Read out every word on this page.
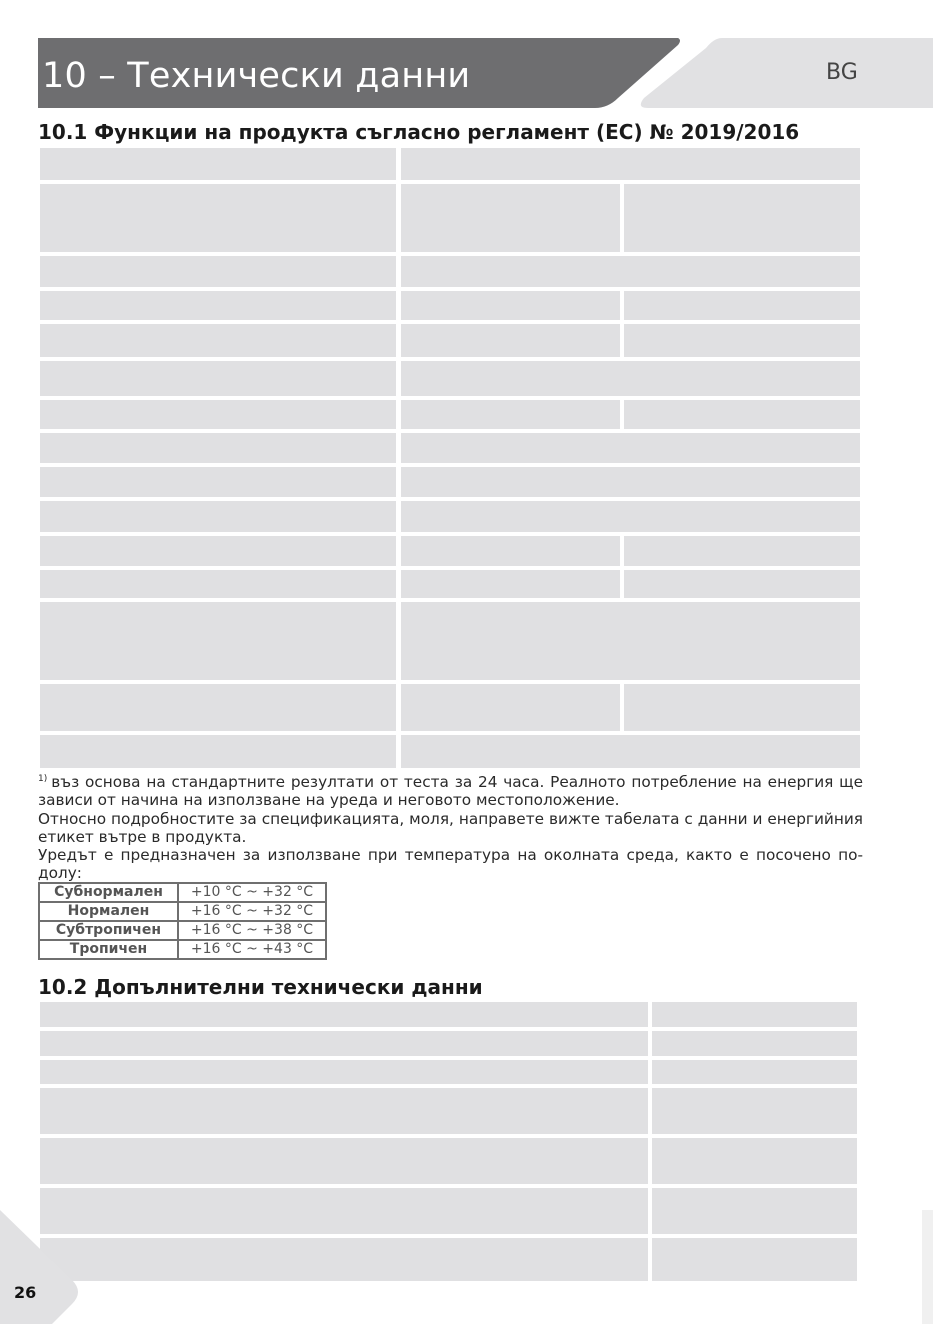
10 – Технически данни	BG
10.1 Функции на продукта съгласно регламент (ЕС) № 2019/2016
$^{1)}$ въз основа на стандартните резултати от теста за 24 часа. Реалното потребление на енергия ще зависи от начина на използване на уреда и неговото местоположение.
Относно подробностите за спецификацията, моля, направете вижте табелата с данни и енергийния етикет вътре в продукта.
Уредът е предназначен за използване при температура на околната среда, както е посочено по-долу:
Субнормален	+10 °C ~ +32 °C
Нормален	+16 °C ~ +32 °C
Субтропичен	+16 °C ~ +38 °C
Тропичен	+16 °C ~ +43 °C
10.2 Допълнителни технически данни
26
